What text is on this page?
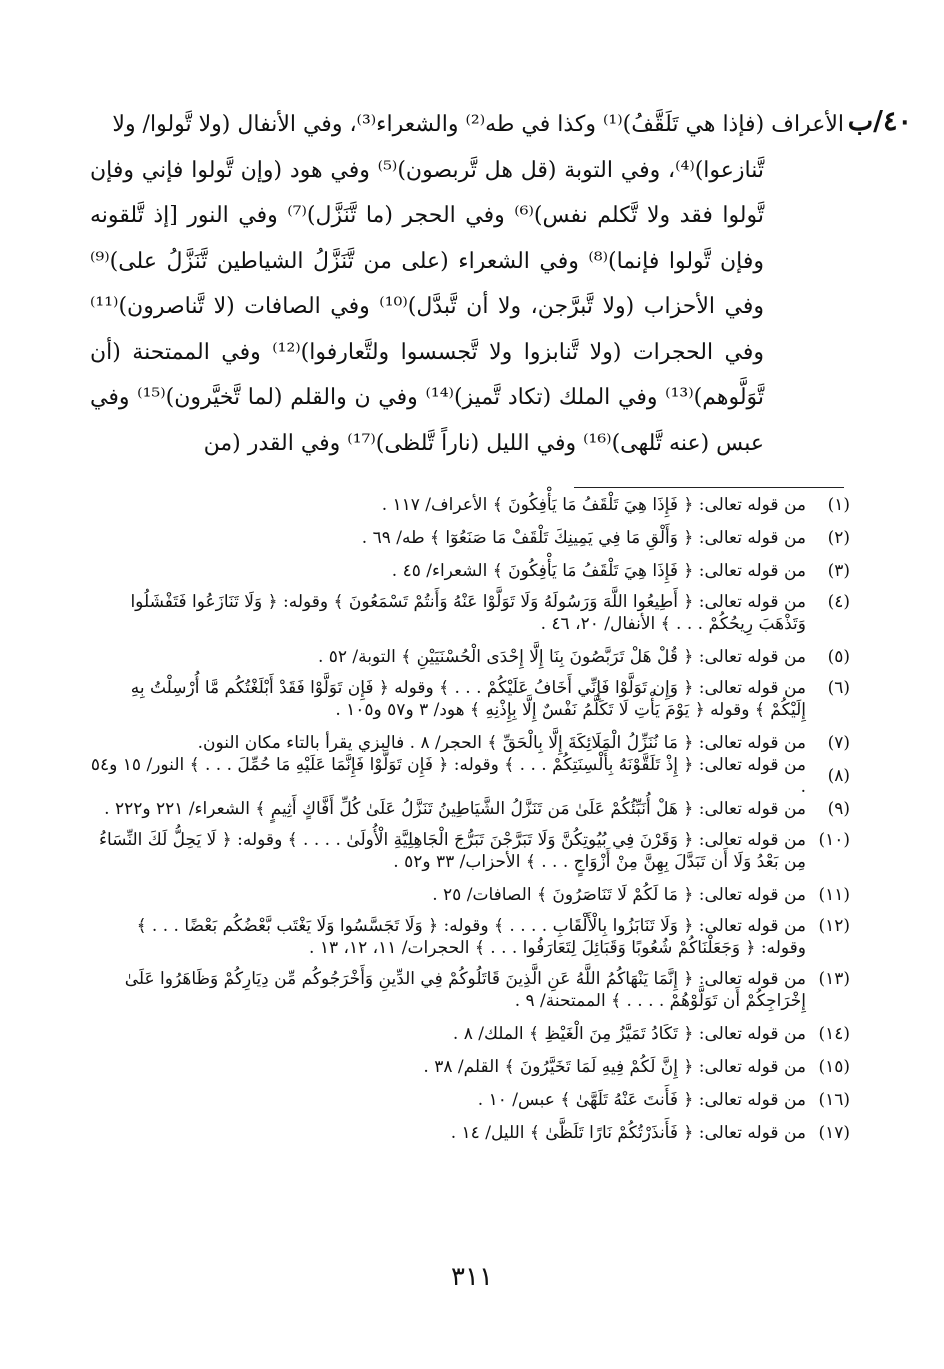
٤٠/ب
الأعراف (فإذا هي تَلَقَّفُ)⁽¹⁾ وكذا في طه⁽²⁾ والشعراء⁽³⁾، وفي الأنفال (ولا تَّولوا/ ولا
تَّنازعوا)⁽⁴⁾، وفي التوبة (قل هل تَّربصون)⁽⁵⁾ وفي هود (وإن تَّولوا فإني وفإن تَّولوا فقد ولا تَّكلم نفس)⁽⁶⁾ وفي الحجر (ما تَّنَزَّل)⁽⁷⁾ وفي النور [إذ تَّلقونه وفإن تَّولوا فإنما)⁽⁸⁾ وفي الشعراء (على من تَّنَزَّلُ الشياطين تَّنَزَّلُ على)⁽⁹⁾ وفي الأحزاب (ولا تَّبرَّجن، ولا أن تَّبدَّل)⁽¹⁰⁾ وفي الصافات (لا تَّناصرون)⁽¹¹⁾ وفي الحجرات (ولا تَّنابزوا ولا تَّجسسوا ولتَّعارفوا)⁽¹²⁾ وفي الممتحنة (أن تَّوَلَّوهم)⁽¹³⁾ وفي الملك (تكاد تَّميز)⁽¹⁴⁾ وفي ن والقلم (لما تَّخيَّرون)⁽¹⁵⁾ وفي عبس (عنه تَّلهى)⁽¹⁶⁾ وفي الليل (ناراً تَّلظى)⁽¹⁷⁾ وفي القدر (من
(١)
من قوله تعالى: ﴿ فَإِذَا هِيَ تَلْقَفُ مَا يَأْفِكُونَ ﴾ الأعراف/ ١١٧ .
(٢)
من قوله تعالى: ﴿ وَأَلْقِ مَا فِي يَمِينِكَ تَلْقَفْ مَا صَنَعُوٓا ﴾ طه/ ٦٩ .
(٣)
من قوله تعالى: ﴿ فَإِذَا هِيَ تَلْقَفُ مَا يَأْفِكُونَ ﴾ الشعراء/ ٤٥ .
(٤)
من قوله تعالى: ﴿ أَطِيعُوا اللَّهَ وَرَسُولَهُ وَلَا تَوَلَّوْا عَنْهُ وَأَنتُمْ تَسْمَعُونَ ﴾ وقوله: ﴿ وَلَا تَنَازَعُوا فَتَفْشَلُوا وَتَذْهَبَ رِيحُكُمْ . . . ﴾ الأنفال/ ٢٠، ٤٦ .
(٥)
من قوله تعالى: ﴿ قُلْ هَلْ تَرَبَّصُونَ بِنَا إِلَّا إِحْدَى الْحُسْنَيَيْنِ ﴾ التوبة/ ٥٢ .
(٦)
من قوله تعالى: ﴿ وَإِن تَوَلَّوْا فَإِنِّي أَخَافُ عَلَيْكُمْ . . . ﴾ وقوله ﴿ فَإِن تَوَلَّوْا فَقَدْ أَبْلَغْتُكُم مَّا أُرْسِلْتُ بِهِ إِلَيْكُمْ ﴾ وقوله ﴿ يَوْمَ يَأْتِ لَا تَكَلَّمُ نَفْسٌ إِلَّا بِإِذْنِهِ ﴾ هود/ ٣ و٥٧ و١٠٥ .
(٧)
من قوله تعالى: ﴿ مَا نُنَزِّلُ الْمَلَائِكَةَ إِلَّا بِالْحَقِّ ﴾ الحجر/ ٨ . فالبزي يقرأ بالتاء مكان النون.
(٨)
من قوله تعالى: ﴿ إِذْ تَلَقَّوْنَهُ بِأَلْسِنَتِكُمْ . . . ﴾ وقوله: ﴿ فَإِن تَوَلَّوْا فَإِنَّمَا عَلَيْهِ مَا حُمِّلَ . . . ﴾ النور/ ١٥ و٥٤ .
(٩)
من قوله تعالى: ﴿ هَلْ أُنَبِّئُكُمْ عَلَىٰ مَن تَنَزَّلُ الشَّيَاطِينُ تَنَزَّلُ عَلَىٰ كُلِّ أَفَّاكٍ أَثِيمٍ ﴾ الشعراء/ ٢٢١ و٢٢٢ .
(١٠)
من قوله تعالى: ﴿ وَقَرْنَ فِي بُيُوتِكُنَّ وَلَا تَبَرَّجْنَ تَبَرُّجَ الْجَاهِلِيَّةِ الْأُولَىٰ . . . . ﴾ وقوله: ﴿ لَا يَحِلُّ لَكَ النِّسَاءُ مِن بَعْدُ وَلَا أَن تَبَدَّلَ بِهِنَّ مِنْ أَزْوَاجٍ . . . ﴾ الأحزاب/ ٣٣ و٥٢ .
(١١)
من قوله تعالى: ﴿ مَا لَكُمْ لَا تَنَاصَرُونَ ﴾ الصافات/ ٢٥ .
(١٢)
من قوله تعالى: ﴿ وَلَا تَنَابَزُوا بِالْأَلْقَابِ . . . . ﴾ وقوله: ﴿ وَلَا تَجَسَّسُوا وَلَا يَغْتَب بَّعْضُكُم بَعْضًا . . . ﴾ وقوله: ﴿ وَجَعَلْنَاكُمْ شُعُوبًا وَقَبَائِلَ لِتَعَارَفُوا . . . ﴾ الحجرات/ ١١، ١٢، ١٣ .
(١٣)
من قوله تعالى: ﴿ إِنَّمَا يَنْهَاكُمُ اللَّهُ عَنِ الَّذِينَ قَاتَلُوكُمْ فِي الدِّينِ وَأَخْرَجُوكُم مِّن دِيَارِكُمْ وَظَاهَرُوا عَلَىٰ إِخْرَاجِكُمْ أَن تَوَلَّوْهُمْ . . . . ﴾ الممتحنة/ ٩ .
(١٤)
من قوله تعالى: ﴿ تَكَادُ تَمَيَّزُ مِنَ الْغَيْظِ ﴾ الملك/ ٨ .
(١٥)
من قوله تعالى: ﴿ إِنَّ لَكُمْ فِيهِ لَمَا تَخَيَّرُونَ ﴾ القلم/ ٣٨ .
(١٦)
من قوله تعالى: ﴿ فَأَنتَ عَنْهُ تَلَهَّىٰ ﴾ عبس/ ١٠ .
(١٧)
من قوله تعالى: ﴿ فَأَنذَرْتُكُمْ نَارًا تَلَظَّىٰ ﴾ الليل/ ١٤ .
٣١١
